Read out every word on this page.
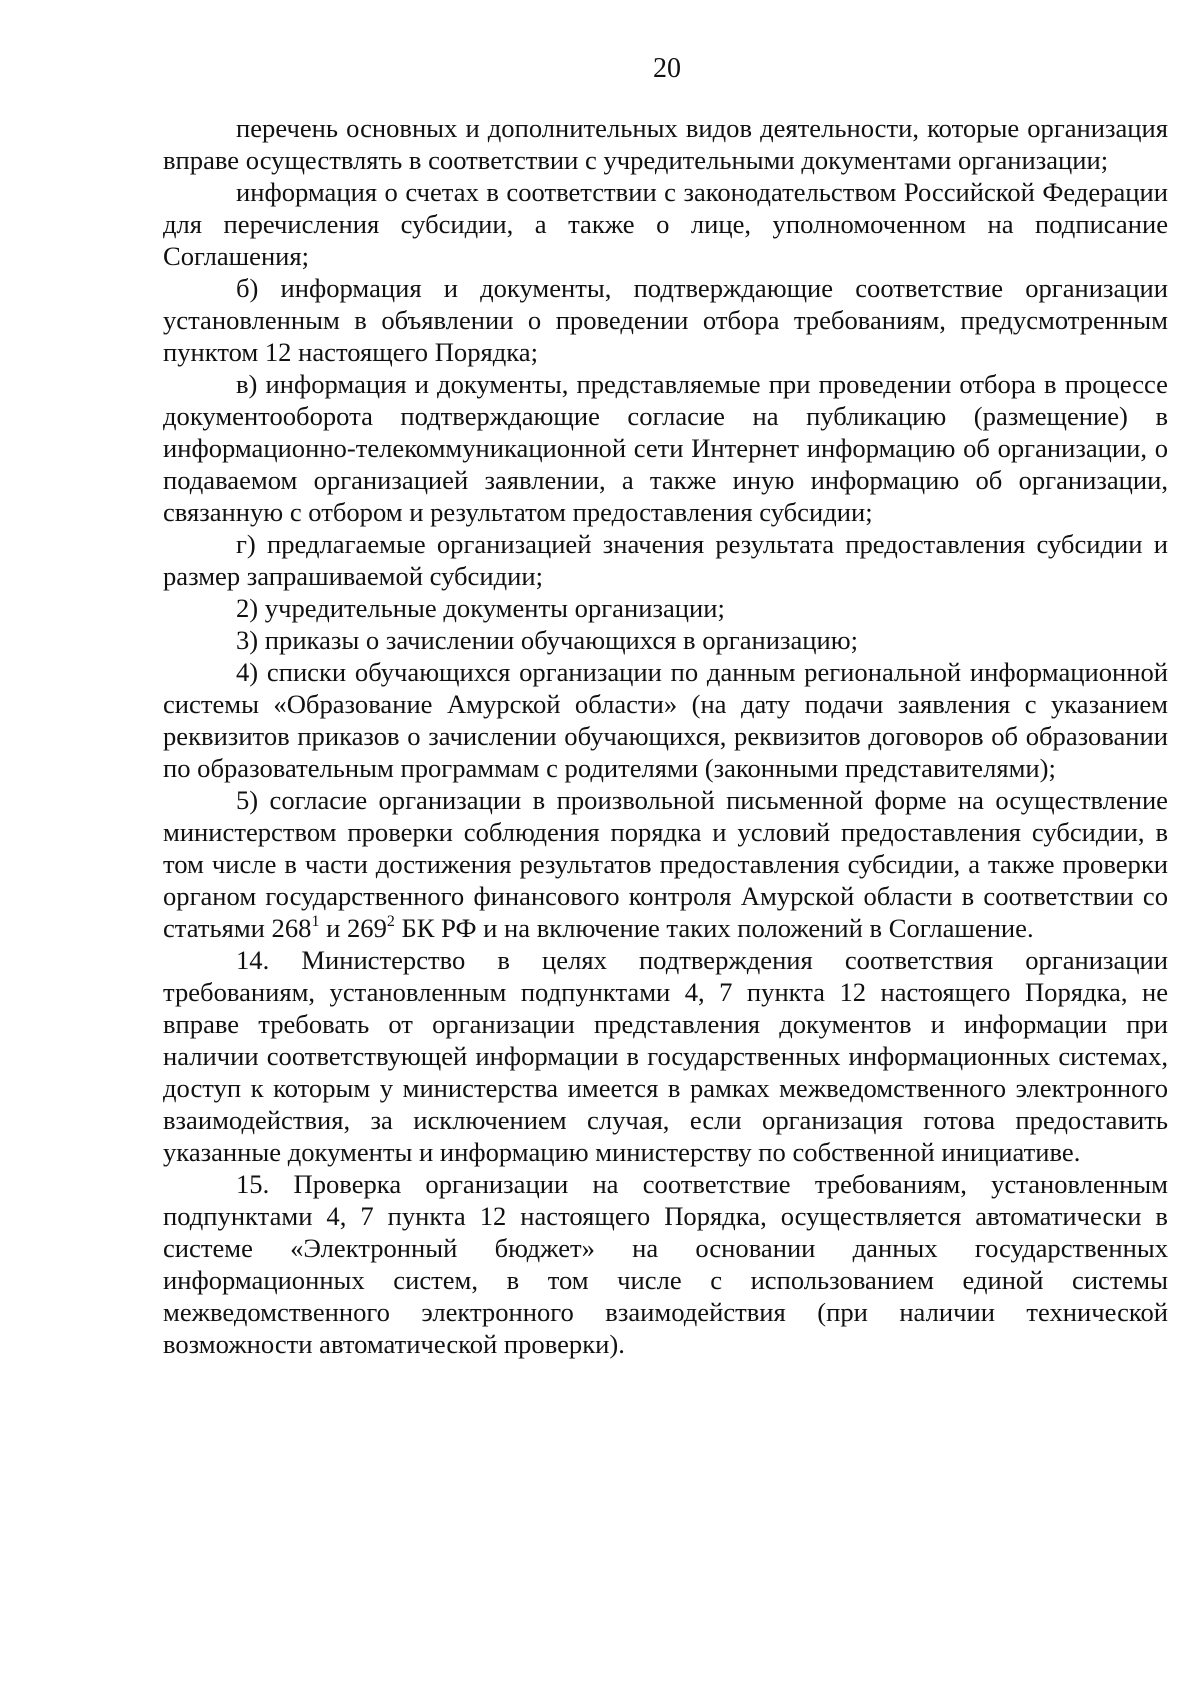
20

перечень основных и дополнительных видов деятельности, которые организация вправе осуществлять в соответствии с учредительными документами организации;

информация о счетах в соответствии с законодательством Российской Федерации для перечисления субсидии, а также о лице, уполномоченном на подписание Соглашения;

б) информация и документы, подтверждающие соответствие организации установленным в объявлении о проведении отбора требованиям, предусмотренным пунктом 12 настоящего Порядка;

в) информация и документы, представляемые при проведении отбора в процессе документооборота подтверждающие согласие на публикацию (размещение) в информационно-телекоммуникационной сети Интернет информацию об организации, о подаваемом организацией заявлении, а также иную информацию об организации, связанную с отбором и результатом предоставления субсидии;

г) предлагаемые организацией значения результата предоставления субсидии и размер запрашиваемой субсидии;

2) учредительные документы организации;

3) приказы о зачислении обучающихся в организацию;

4) списки обучающихся организации по данным региональной информационной системы «Образование Амурской области» (на дату подачи заявления с указанием реквизитов приказов о зачислении обучающихся, реквизитов договоров об образовании по образовательным программам с родителями (законными представителями);

5) согласие организации в произвольной письменной форме на осуществление министерством проверки соблюдения порядка и условий предоставления субсидии, в том числе в части достижения результатов предоставления субсидии, а также проверки органом государственного финансового контроля Амурской области в соответствии со статьями $268^1$ и $269^2$ БК РФ и на включение таких положений в Соглашение.

14. Министерство в целях подтверждения соответствия организации требованиям, установленным подпунктами 4, 7 пункта 12 настоящего Порядка, не вправе требовать от организации представления документов и информации при наличии соответствующей информации в государственных информационных системах, доступ к которым у министерства имеется в рамках межведомственного электронного взаимодействия, за исключением случая, если организация готова предоставить указанные документы и информацию министерству по собственной инициативе.

15. Проверка организации на соответствие требованиям, установленным подпунктами 4, 7 пункта 12 настоящего Порядка, осуществляется автоматически в системе «Электронный бюджет» на основании данных государственных информационных систем, в том числе с использованием единой системы межведомственного электронного взаимодействия (при наличии технической возможности автоматической проверки).
